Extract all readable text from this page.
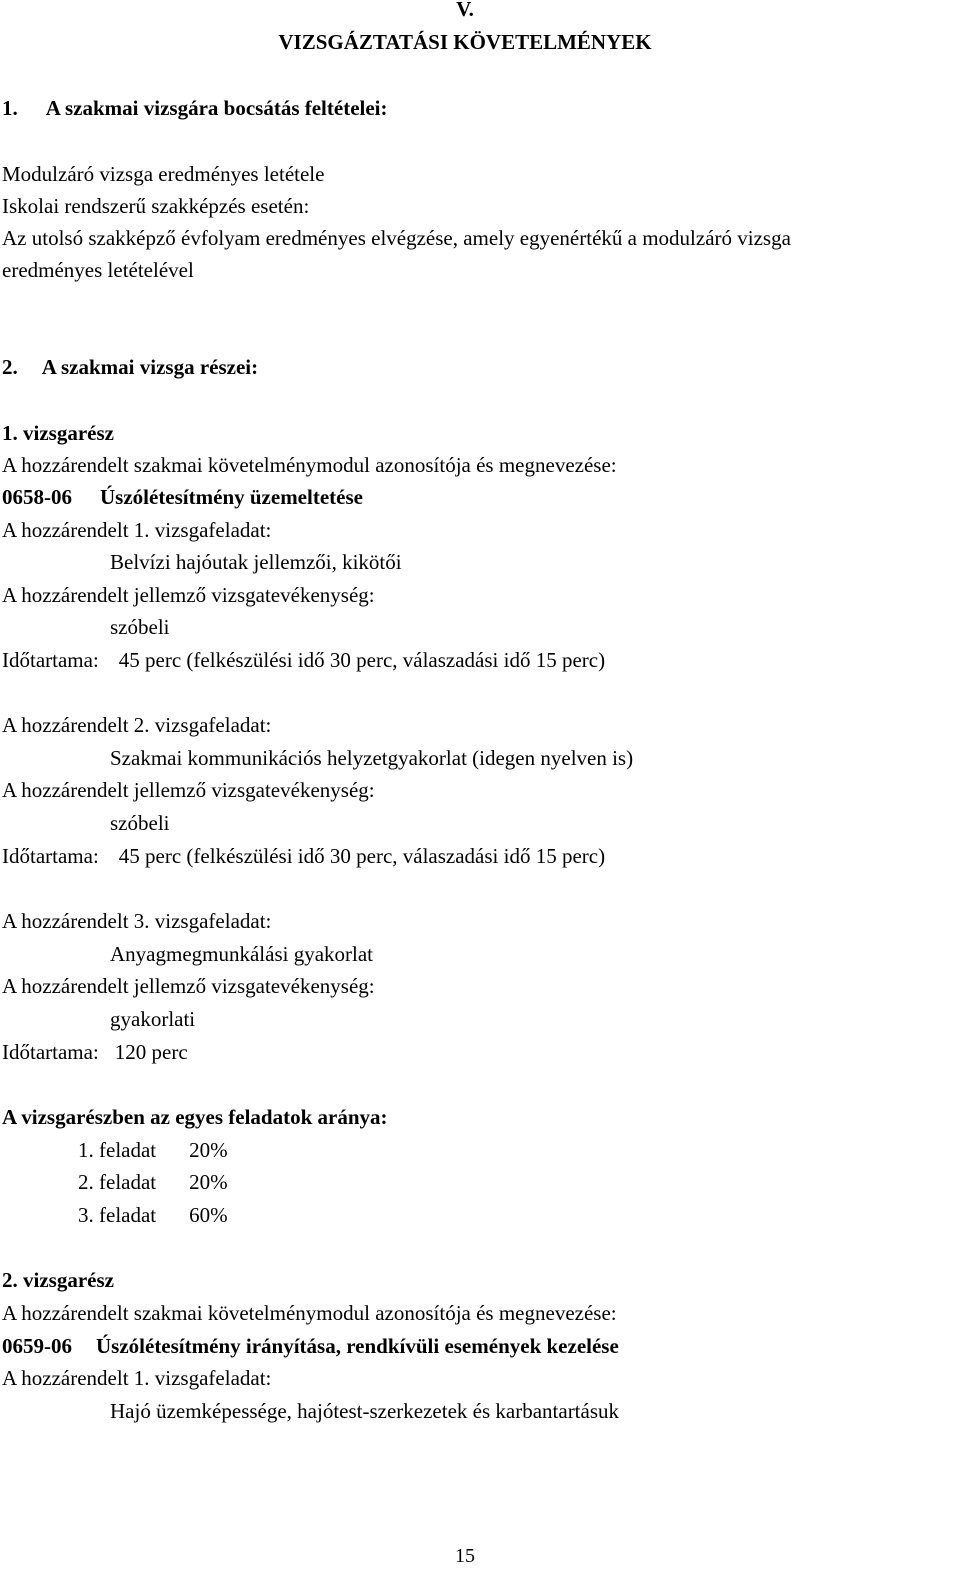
V.
VIZSGÁZTATÁSI KÖVETELMÉNYEK
1. A szakmai vizsgára bocsátás feltételei:
Modulzáró vizsga eredményes letétele
Iskolai rendszerű szakképzés esetén:
Az utolsó szakképző évfolyam eredményes elvégzése, amely egyenértékű a modulzáró vizsga
eredményes letételével
2. A szakmai vizsga részei:
1. vizsgarész
A hozzárendelt szakmai követelménymodul azonosítója és megnevezése:
0658-06 Úszólétesítmény üzemeltetése
A hozzárendelt 1. vizsgafeladat:
Belvízi hajóutak jellemzői, kikötői
A hozzárendelt jellemző vizsgatevékenység:
szóbeli
Időtartama: 45 perc (felkészülési idő 30 perc, válaszadási idő 15 perc)
A hozzárendelt 2. vizsgafeladat:
Szakmai kommunikációs helyzetgyakorlat (idegen nyelven is)
A hozzárendelt jellemző vizsgatevékenység:
szóbeli
Időtartama: 45 perc (felkészülési idő 30 perc, válaszadási idő 15 perc)
A hozzárendelt 3. vizsgafeladat:
Anyagmegmunkálási gyakorlat
A hozzárendelt jellemző vizsgatevékenység:
gyakorlati
Időtartama: 120 perc
A vizsgarészben az egyes feladatok aránya:
1. feladat 20%
2. feladat 20%
3. feladat 60%
2. vizsgarész
A hozzárendelt szakmai követelménymodul azonosítója és megnevezése:
0659-06 Úszólétesítmény irányítása, rendkívüli események kezelése
A hozzárendelt 1. vizsgafeladat:
Hajó üzemképessége, hajótest-szerkezetek és karbantartásuk
15
